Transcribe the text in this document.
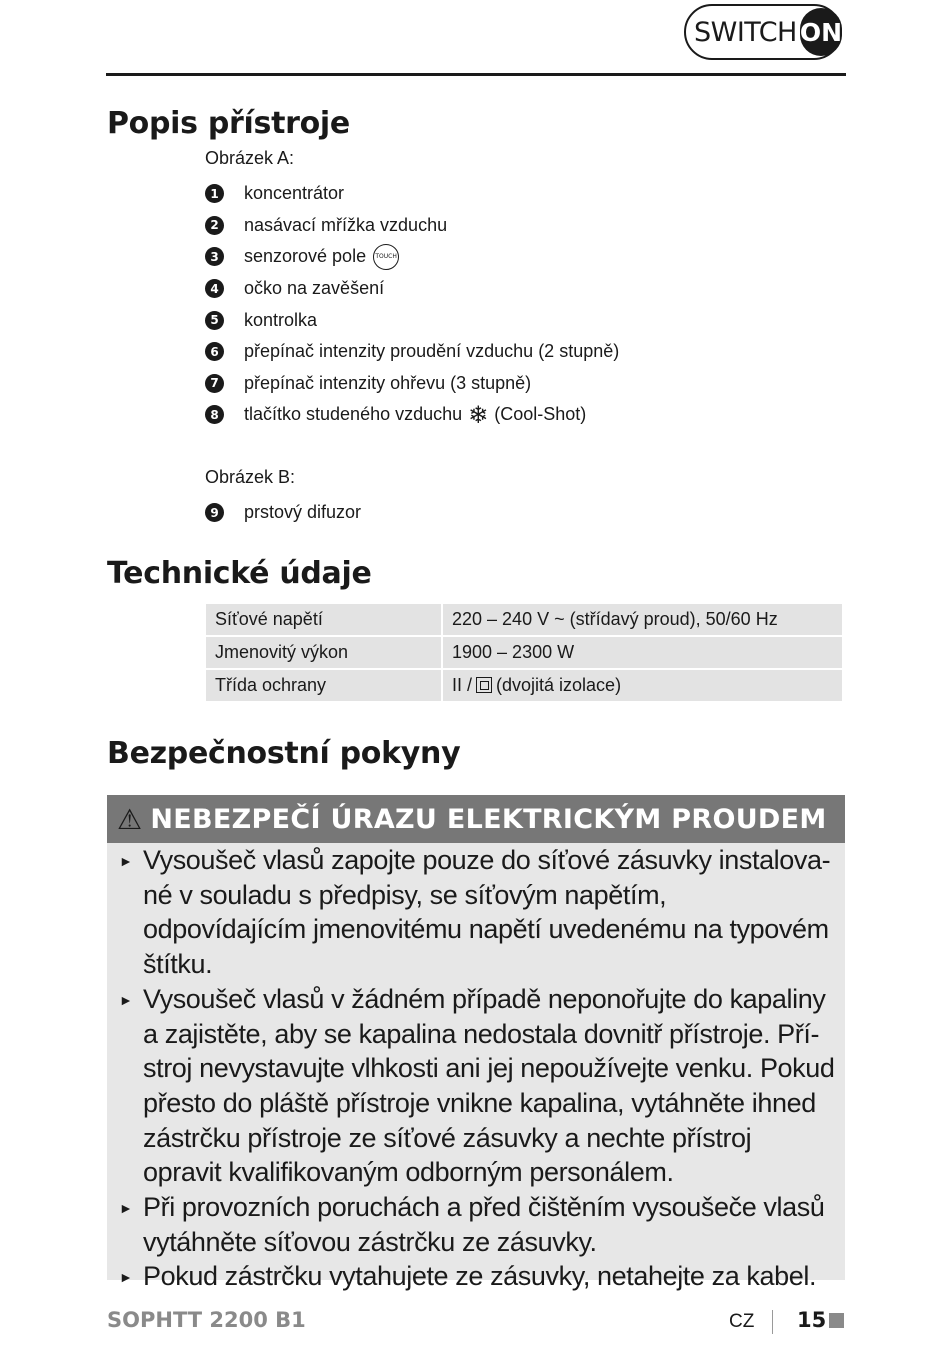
SWITCH ON
Popis přístroje
Obrázek A:
1 koncentrátor
2 nasávací mřížka vzduchu
3 senzorové pole	TOUCH
4 očko na zavěšení
5 kontrolka
6 přepínač intenzity proudění vzduchu (2 stupně)
7 přepínač intenzity ohřevu (3 stupně)
8 tlačítko studeného vzduchu ❄ (Cool-Shot)
Obrázek B:
9 prstový difuzor
Technické údaje
Síťové napětí	220 – 240 V ~ (střídavý proud), 50/60 Hz
Jmenovitý výkon	1900 – 2300 W
Třída ochrany	II / (dvojitá izolace)
Bezpečnostní pokyny
⚠ NEBEZPEČÍ ÚRAZU ELEKTRICKÝM PROUDEM
► Vysoušeč vlasů zapojte pouze do síťové zásuvky instalova-né v souladu s předpisy, se síťovým napětím, odpovídajícím jmenovitému napětí uvedenému na typovém štítku.
► Vysoušeč vlasů v žádném případě neponořujte do kapaliny a zajistěte, aby se kapalina nedostala dovnitř přístroje. Pří-stroj nevystavujte vlhkosti ani jej nepoužívejte venku. Pokud přesto do pláště přístroje vnikne kapalina, vytáhněte ihned zástrčku přístroje ze síťové zásuvky a nechte přístroj opravit kvalifikovaným odborným personálem.
► Při provozních poruchách a před čištěním vysoušeče vlasů vytáhněte síťovou zástrčku ze zásuvky.
► Pokud zástrčku vytahujete ze zásuvky, netahejte za kabel.
SOPHTT 2200 B1	CZ 15
